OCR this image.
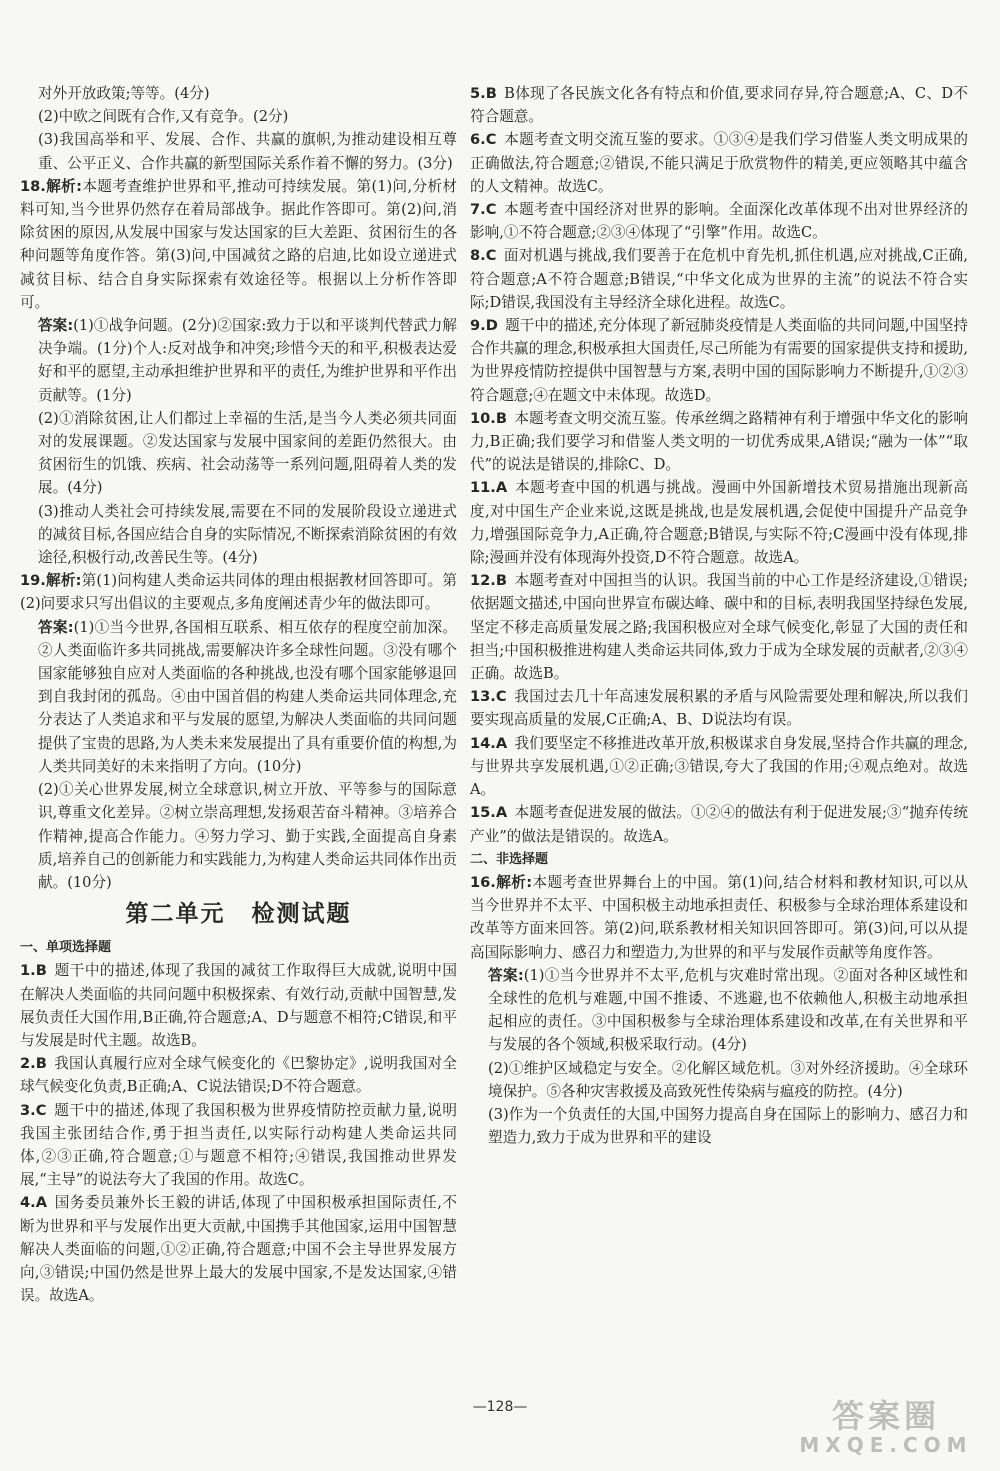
对外开放政策;等等。(4分)

(2)中欧之间既有合作,又有竞争。(2分)

(3)我国高举和平、发展、合作、共赢的旗帜,为推动建设相互尊重、公平正义、合作共赢的新型国际关系作着不懈的努力。(3分)

18.解析:本题考查维护世界和平,推动可持续发展。第(1)问,分析材料可知,当今世界仍然存在着局部战争。据此作答即可。第(2)问,消除贫困的原因,从发展中国家与发达国家的巨大差距、贫困衍生的各种问题等角度作答。第(3)问,中国减贫之路的启迪,比如设立递进式减贫目标、结合自身实际探索有效途径等。根据以上分析作答即可。

答案:(1)①战争问题。(2分)②国家:致力于以和平谈判代替武力解决争端。(1分)个人:反对战争和冲突;珍惜今天的和平,积极表达爱好和平的愿望,主动承担维护世界和平的责任,为维护世界和平作出贡献等。(1分)

(2)①消除贫困,让人们都过上幸福的生活,是当今人类必须共同面对的发展课题。②发达国家与发展中国家间的差距仍然很大。由贫困衍生的饥饿、疾病、社会动荡等一系列问题,阻碍着人类的发展。(4分)

(3)推动人类社会可持续发展,需要在不同的发展阶段设立递进式的减贫目标,各国应结合自身的实际情况,不断探索消除贫困的有效途径,积极行动,改善民生等。(4分)

19.解析:第(1)问构建人类命运共同体的理由根据教材回答即可。第(2)问要求只写出倡议的主要观点,多角度阐述青少年的做法即可。

答案:(1)①当今世界,各国相互联系、相互依存的程度空前加深。②人类面临许多共同挑战,需要解决许多全球性问题。③没有哪个国家能够独自应对人类面临的各种挑战,也没有哪个国家能够退回到自我封闭的孤岛。④由中国首倡的构建人类命运共同体理念,充分表达了人类追求和平与发展的愿望,为解决人类面临的共同问题提供了宝贵的思路,为人类未来发展提出了具有重要价值的构想,为人类共同美好的未来指明了方向。(10分)

(2)①关心世界发展,树立全球意识,树立开放、平等参与的国际意识,尊重文化差异。②树立崇高理想,发扬艰苦奋斗精神。③培养合作精神,提高合作能力。④努力学习、勤于实践,全面提高自身素质,培养自己的创新能力和实践能力,为构建人类命运共同体作出贡献。(10分)

第二单元 检测试题
一、单项选择题

1.B  题干中的描述,体现了我国的减贫工作取得巨大成就,说明中国在解决人类面临的共同问题中积极探索、有效行动,贡献中国智慧,发展负责任大国作用,B正确,符合题意;A、D与题意不相符;C错误,和平与发展是时代主题。故选B。

2.B  我国认真履行应对全球气候变化的《巴黎协定》,说明我国对全球气候变化负责,B正确;A、C说法错误;D不符合题意。

3.C  题干中的描述,体现了我国积极为世界疫情防控贡献力量,说明我国主张团结合作,勇于担当责任,以实际行动构建人类命运共同体,②③正确,符合题意;①与题意不相符;④错误,我国推动世界发展,“主导”的说法夸大了我国的作用。故选C。

4.A  国务委员兼外长王毅的讲话,体现了中国积极承担国际责任,不断为世界和平与发展作出更大贡献,中国携手其他国家,运用中国智慧解决人类面临的问题,①②正确,符合题意;中国不会主导世界发展方向,③错误;中国仍然是世界上最大的发展中国家,不是发达国家,④错误。故选A。

5.B  B体现了各民族文化各有特点和价值,要求同存异,符合题意;A、C、D不符合题意。

6.C  本题考查文明交流互鉴的要求。①③④是我们学习借鉴人类文明成果的正确做法,符合题意;②错误,不能只满足于欣赏物件的精美,更应领略其中蕴含的人文精神。故选C。

7.C  本题考查中国经济对世界的影响。全面深化改革体现不出对世界经济的影响,①不符合题意;②③④体现了“引擎”作用。故选C。

8.C  面对机遇与挑战,我们要善于在危机中育先机,抓住机遇,应对挑战,C正确,符合题意;A不符合题意;B错误,“中华文化成为世界的主流”的说法不符合实际;D错误,我国没有主导经济全球化进程。故选C。

9.D  题干中的描述,充分体现了新冠肺炎疫情是人类面临的共同问题,中国坚持合作共赢的理念,积极承担大国责任,尽己所能为有需要的国家提供支持和援助,为世界疫情防控提供中国智慧与方案,表明中国的国际影响力不断提升,①②③符合题意;④在题文中未体现。故选D。

10.B  本题考查文明交流互鉴。传承丝绸之路精神有利于增强中华文化的影响力,B正确;我们要学习和借鉴人类文明的一切优秀成果,A错误;“融为一体”“取代”的说法是错误的,排除C、D。

11.A  本题考查中国的机遇与挑战。漫画中外国新增技术贸易措施出现新高度,对中国生产企业来说,这既是挑战,也是发展机遇,会促使中国提升产品竞争力,增强国际竞争力,A正确,符合题意;B错误,与实际不符;C漫画中没有体现,排除;漫画并没有体现海外投资,D不符合题意。故选A。

12.B  本题考查对中国担当的认识。我国当前的中心工作是经济建设,①错误;依据题文描述,中国向世界宣布碳达峰、碳中和的目标,表明我国坚持绿色发展,坚定不移走高质量发展之路;我国积极应对全球气候变化,彰显了大国的责任和担当;中国积极推进构建人类命运共同体,致力于成为全球发展的贡献者,②③④正确。故选B。

13.C  我国过去几十年高速发展积累的矛盾与风险需要处理和解决,所以我们要实现高质量的发展,C正确;A、B、D说法均有误。

14.A  我们要坚定不移推进改革开放,积极谋求自身发展,坚持合作共赢的理念,与世界共享发展机遇,①②正确;③错误,夸大了我国的作用;④观点绝对。故选A。

15.A  本题考查促进发展的做法。①②④的做法有利于促进发展;③“抛弃传统产业”的做法是错误的。故选A。

二、非选择题

16.解析:本题考查世界舞台上的中国。第(1)问,结合材料和教材知识,可以从当今世界并不太平、中国积极主动地承担责任、积极参与全球治理体系建设和改革等方面来回答。第(2)问,联系教材相关知识回答即可。第(3)问,可以从提高国际影响力、感召力和塑造力,为世界的和平与发展作贡献等角度作答。

答案:(1)①当今世界并不太平,危机与灾难时常出现。②面对各种区域性和全球性的危机与难题,中国不推诿、不逃避,也不依赖他人,积极主动地承担起相应的责任。③中国积极参与全球治理体系建设和改革,在有关世界和平与发展的各个领域,积极采取行动。(4分)

(2)①维护区域稳定与安全。②化解区域危机。③对外经济援助。④全球环境保护。⑤各种灾害救援及高致死性传染病与瘟疫的防控。(4分)

(3)作为一个负责任的大国,中国努力提高自身在国际上的影响力、感召力和塑造力,致力于成为世界和平的建设

—128—	答案圈
MXQE.COM
